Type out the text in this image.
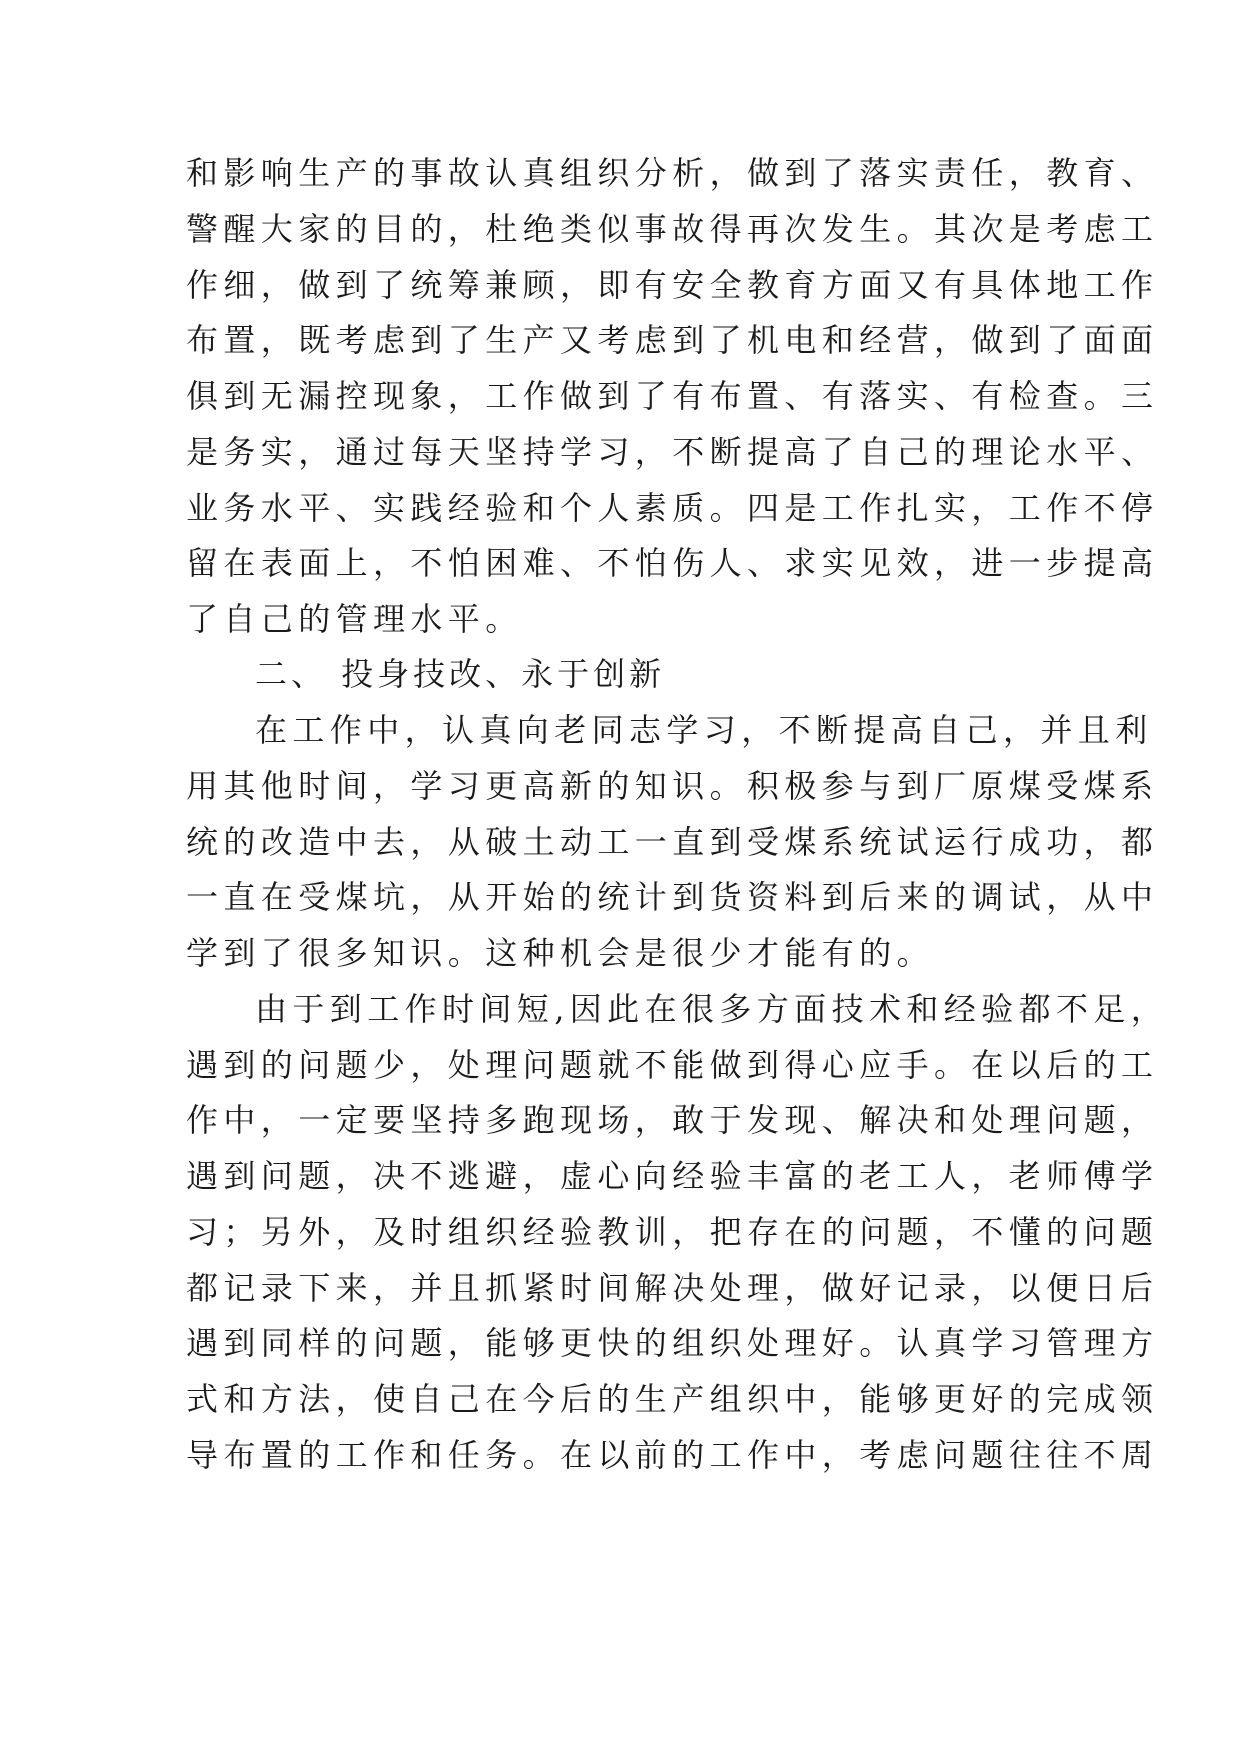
和影响生产的事故认真组织分析，做到了落实责任，教育、
警醒大家的目的，杜绝类似事故得再次发生。其次是考虑工
作细，做到了统筹兼顾，即有安全教育方面又有具体地工作
布置，既考虑到了生产又考虑到了机电和经营，做到了面面
俱到无漏控现象，工作做到了有布置、有落实、有检查。三
是务实，通过每天坚持学习，不断提高了自己的理论水平、
业务水平、实践经验和个人素质。四是工作扎实，工作不停
留在表面上，不怕困难、不怕伤人、求实见效，进一步提高
了自己的管理水平。
二、 投身技改、永于创新
在工作中，认真向老同志学习，不断提高自己，并且利
用其他时间，学习更高新的知识。积极参与到厂原煤受煤系
统的改造中去，从破土动工一直到受煤系统试运行成功，都
一直在受煤坑，从开始的统计到货资料到后来的调试，从中
学到了很多知识。这种机会是很少才能有的。
由于到工作时间短,因此在很多方面技术和经验都不足，
遇到的问题少，处理问题就不能做到得心应手。在以后的工
作中，一定要坚持多跑现场，敢于发现、解决和处理问题，
遇到问题，决不逃避，虚心向经验丰富的老工人，老师傅学
习；另外，及时组织经验教训，把存在的问题，不懂的问题
都记录下来，并且抓紧时间解决处理，做好记录，以便日后
遇到同样的问题，能够更快的组织处理好。认真学习管理方
式和方法，使自己在今后的生产组织中，能够更好的完成领
导布置的工作和任务。在以前的工作中，考虑问题往往不周
